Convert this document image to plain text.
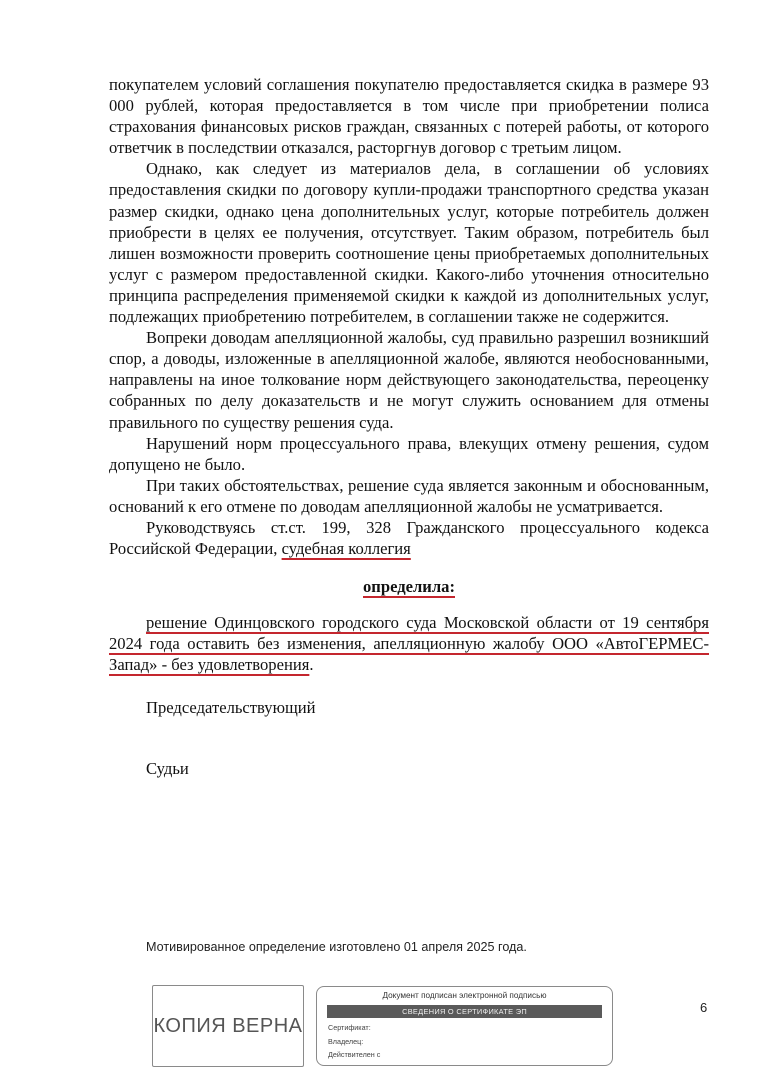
покупателем условий соглашения покупателю предоставляется скидка в размере 93 000 рублей, которая предоставляется в том числе при приобретении полиса страхования финансовых рисков граждан, связанных с потерей работы, от которого ответчик в последствии отказался, расторгнув договор с третьим лицом.

Однако, как следует из материалов дела, в соглашении об условиях предоставления скидки по договору купли-продажи транспортного средства указан размер скидки, однако цена дополнительных услуг, которые потребитель должен приобрести в целях ее получения, отсутствует. Таким образом, потребитель был лишен возможности проверить соотношение цены приобретаемых дополнительных услуг с размером предоставленной скидки. Какого-либо уточнения относительно принципа распределения применяемой скидки к каждой из дополнительных услуг, подлежащих приобретению потребителем, в соглашении также не содержится.

Вопреки доводам апелляционной жалобы, суд правильно разрешил возникший спор, а доводы, изложенные в апелляционной жалобе, являются необоснованными, направлены на иное толкование норм действующего законодательства, переоценку собранных по делу доказательств и не могут служить основанием для отмены правильного по существу решения суда.

Нарушений норм процессуального права, влекущих отмену решения, судом допущено не было.

При таких обстоятельствах, решение суда является законным и обоснованным, оснований к его отмене по доводам апелляционной жалобы не усматривается.

Руководствуясь ст.ст. 199, 328 Гражданского процессуального кодекса Российской Федерации, судебная коллегия

определила:

решение Одинцовского городского суда Московской области от 19 сентября 2024 года оставить без изменения, апелляционную жалобу ООО «АвтоГЕРМЕС-Запад» - без удовлетворения.

Председательствующий

Судьи

Мотивированное определение изготовлено 01 апреля 2025 года.
6
КОПИЯ ВЕРНА
Документ подписан электронной подписью
СВЕДЕНИЯ О СЕРТИФИКАТЕ ЭП
Сертификат:
Владелец:
Действителен с
